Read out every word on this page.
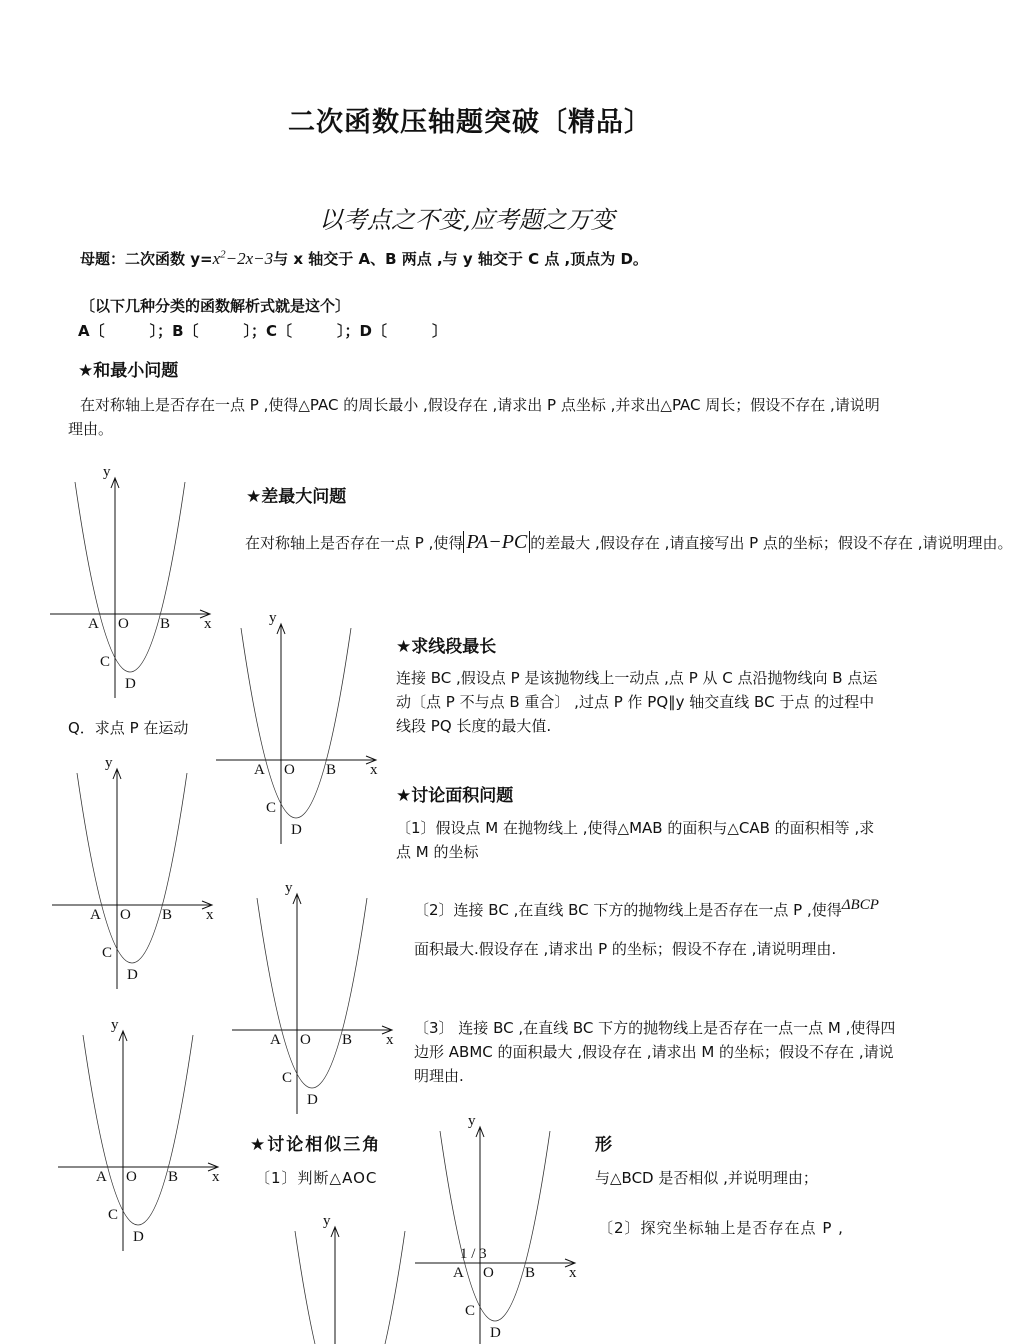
二次函数压轴题突破〔精品〕
以考点之不变,应考题之万变
母题：二次函数 $y=x^2-2x-3$与 x 轴交于 A、B 两点 ,与 y 轴交于 C 点 ,顶点为 D。
〔以下几种分类的函数解析式就是这个〕
A〔　　　〕；B〔　　　〕；C〔　　　〕；D〔　　　〕
★和最小问题
在对称轴上是否存在一点 P ,使得△PAC 的周长最小 ,假设存在 ,请求出 P 点坐标 ,并求出△PAC 周长；假设不存在 ,请说明理由。
★差最大问题
在对称轴上是否存在一点 P ,使得 PA−PC 的差最大 ,假设存在 ,请直接写出 P 点的坐标；假设不存在 ,请说明理由。
★求线段最长
连接 BC ,假设点 P 是该抛物线上一动点 ,点 P 从 C 点沿抛物线向 B 点运动〔点 P 不与点 B 重合〕 ,过点 P 作 PQ∥y 轴交直线 BC 于点 的过程中线段 PQ 长度的最大值.
Q．求点 P 在运动
★讨论面积问题
〔1〕假设点 M 在抛物线上 ,使得△MAB 的面积与△CAB 的面积相等 ,求点 M 的坐标
〔2〕连接 BC ,在直线 BC 下方的抛物线上是否存在一点 P ,使得ΔBCP面积最大.假设存在 ,请求出 P 的坐标；假设不存在 ,请说明理由.
〔3〕 连接 BC ,在直线 BC 下方的抛物线上是否存在一点一点 M ,使得四边形 ABMC 的面积最大 ,假设存在 ,请求出 M 的坐标；假设不存在 ,请说明理由.
★讨论相似三角	形
〔1〕判断△AOC	与△BCD 是否相似 ,并说明理由；
〔2〕探究坐标轴上是否存在点 P ,
1 / 3
y
x
A O B
C
D
y
x
A O B
C
D
y
x
A O B
C
D
y
x
A O B
C
D
y
x
A O B
C
D
y
x
A O B
C
D
y
